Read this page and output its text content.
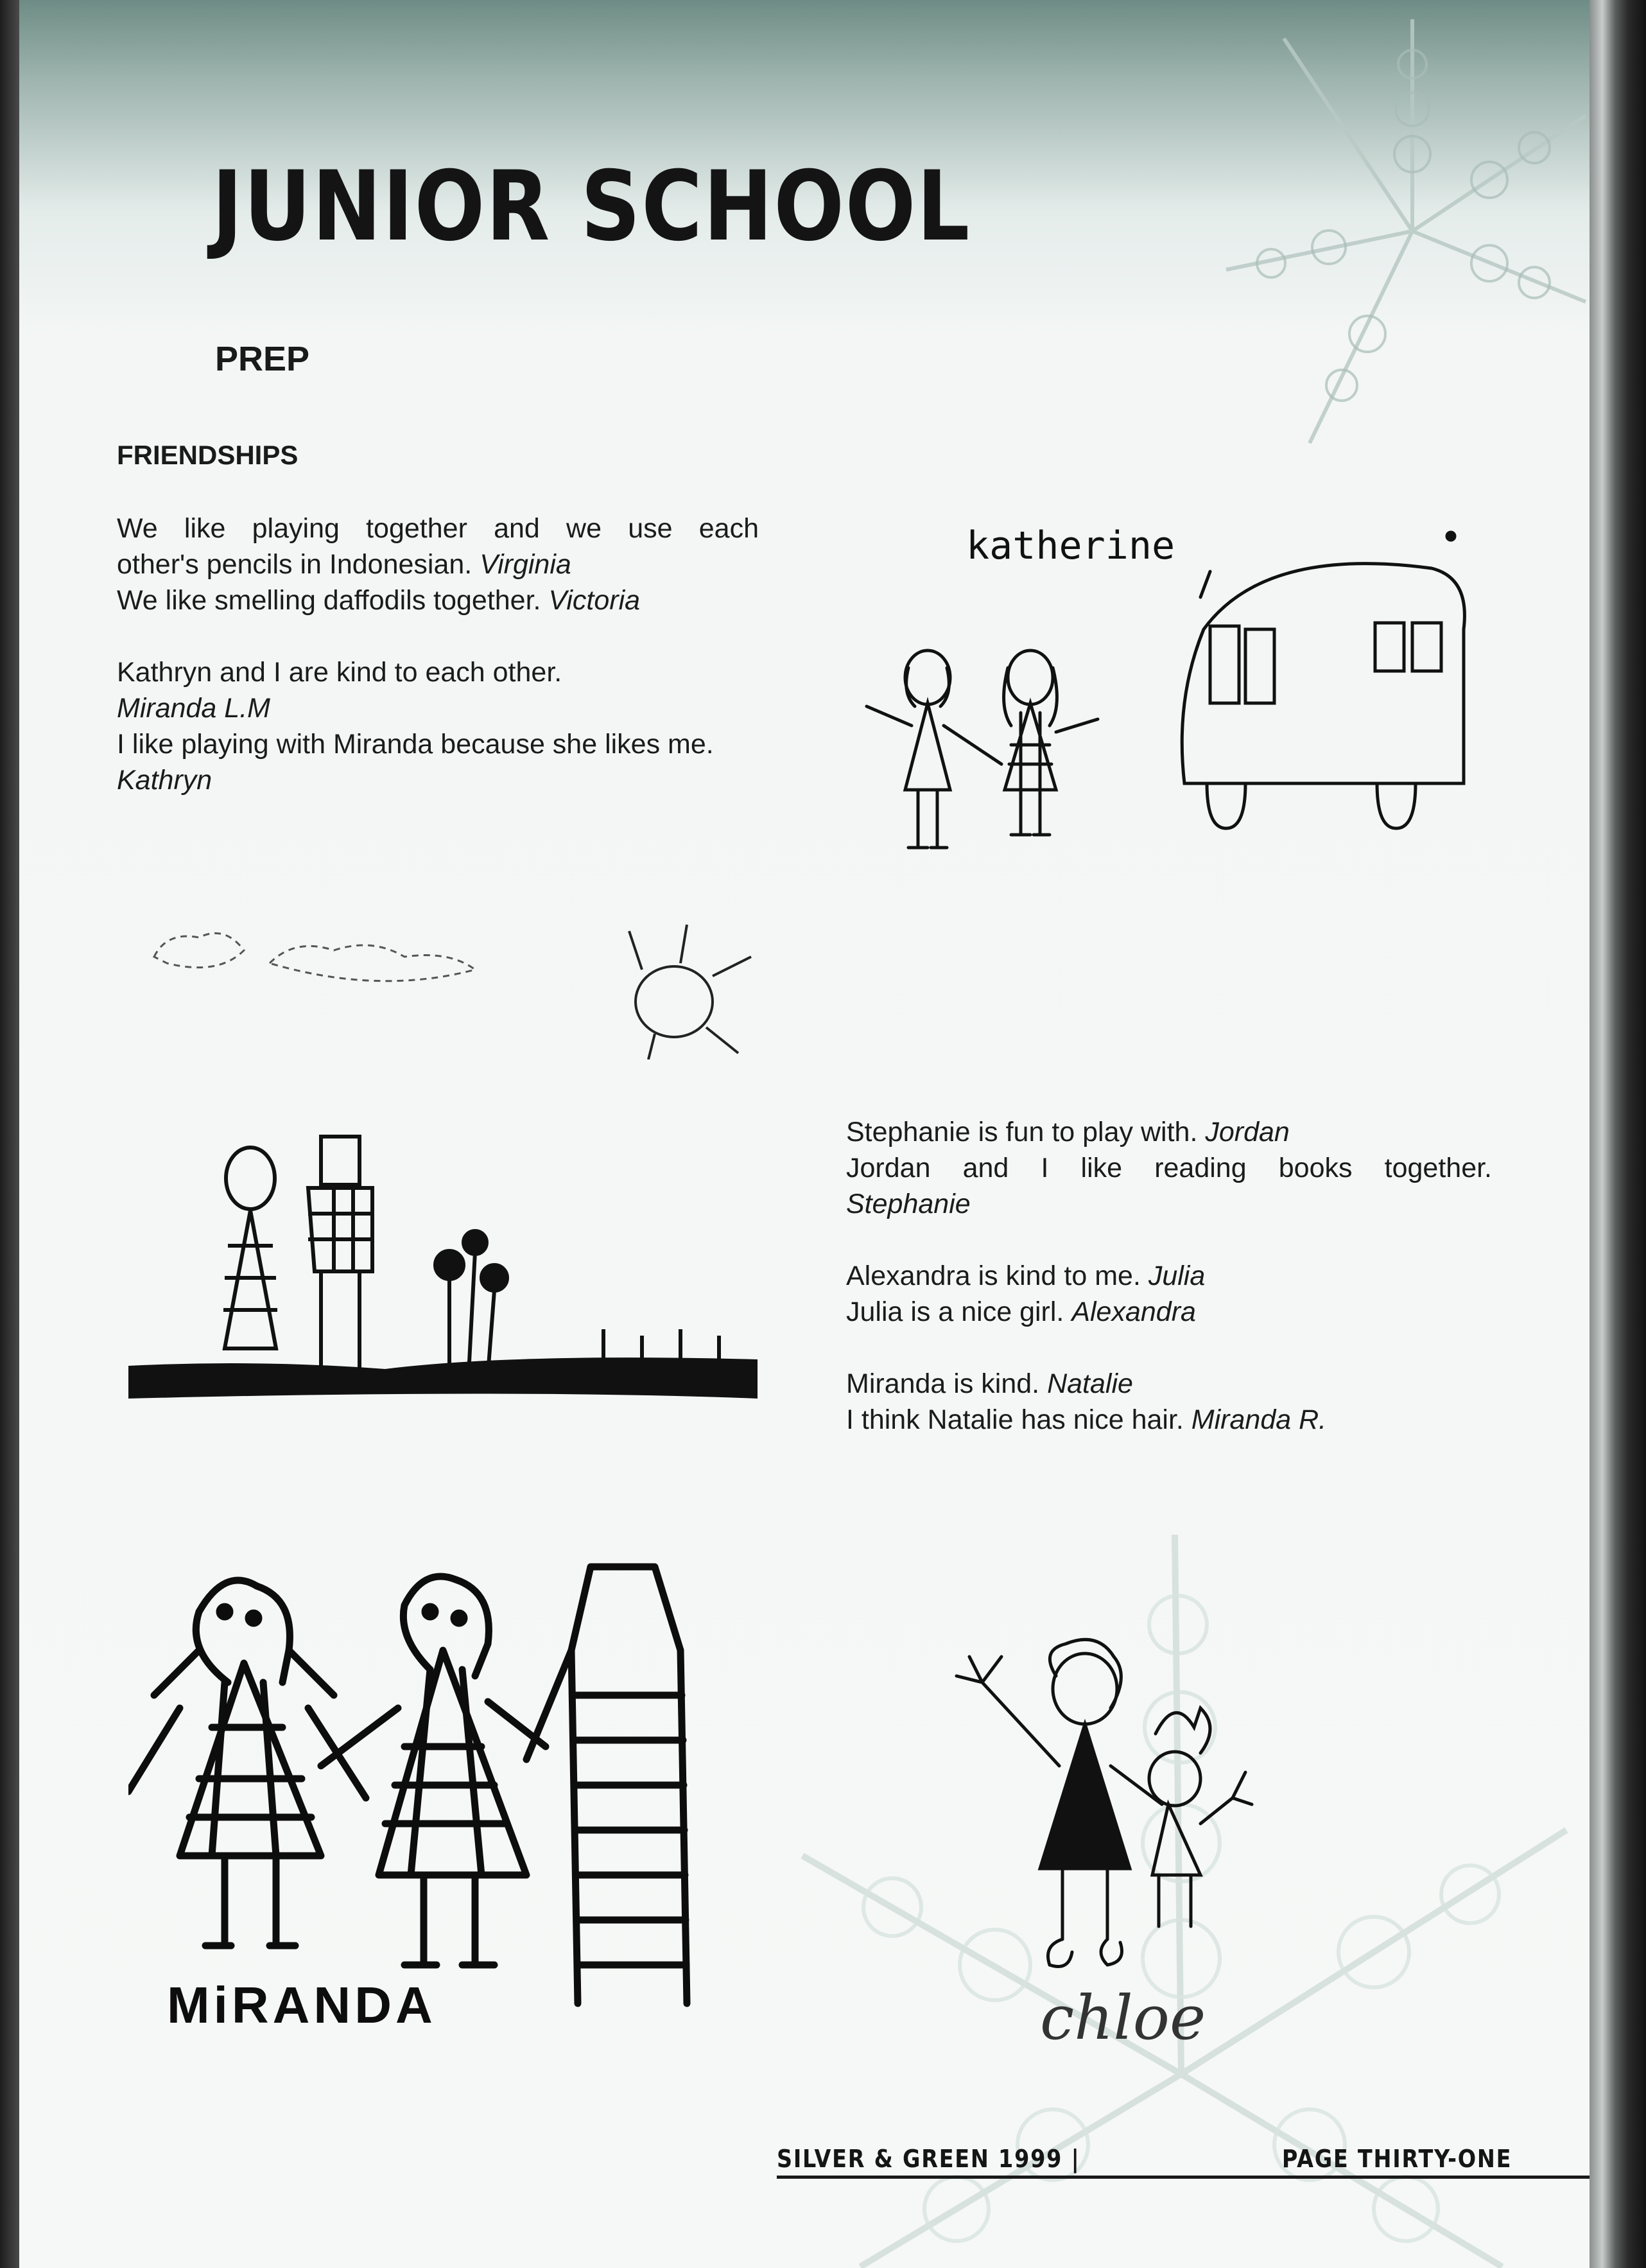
JUNIOR SCHOOL
PREP
FRIENDSHIPS

We like playing together and we use each
other's pencils in Indonesian. Virginia
We like smelling daffodils together. Victoria

Kathryn and I are kind to each other.
Miranda L.M
I like playing with Miranda because she likes me.
Kathryn

Stephanie is fun to play with. Jordan
Jordan and I like reading books together.
Stephanie

Alexandra is kind to me. Julia
Julia is a nice girl. Alexandra

Miranda is kind. Natalie
I think Natalie has nice hair. Miranda R.

katherine
MiRANDA	chloe
SILVER & GREEN 1999 |	PAGE THIRTY-ONE
